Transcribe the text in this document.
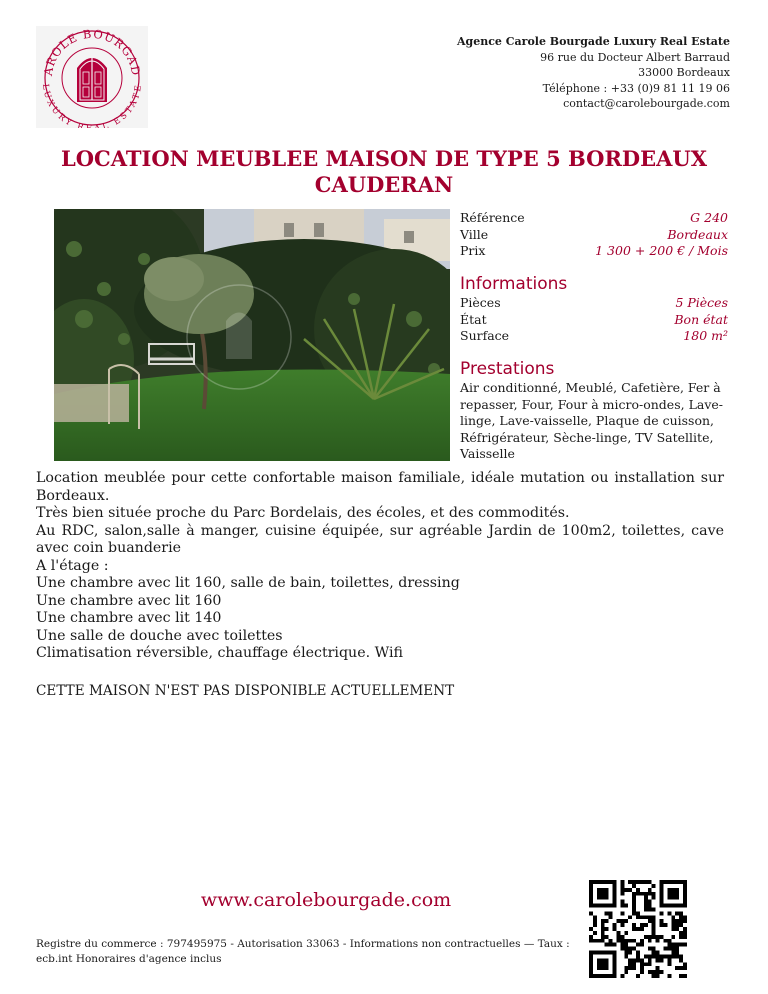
AROLE BOURGAD
LUXURY R L ESTATE
Agence Carole Bourgade Luxury Real Estate
96 rue du Docteur Albert Barraud
33000 Bordeaux
Téléphone : +33 (0)9 81 11 19 06
contact@carolebourgade.com
LOCATION MEUBLEE MAISON DE TYPE 5 BORDEAUX CAUDERAN
Référence	G 240
Ville	Bordeaux
Prix	1 300 + 200 € / Mois
Informations
Pièces	5 Pièces
État	Bon état
Surface	180 m²
Prestations
Air conditionné, Meublé, Cafetière, Fer à repasser, Four, Four à micro-ondes, Lave-linge, Lave-vaisselle, Plaque de cuisson, Réfrigérateur, Sèche-linge, TV Satellite, Vaisselle

Location meublée pour cette confortable maison familiale, idéale mutation ou installation sur Bordeaux.

Très bien située proche du Parc Bordelais, des écoles, et des commodités.

Au RDC, salon,salle à manger, cuisine équipée, sur agréable Jardin de 100m2, toilettes, cave avec coin buanderie

A l'étage :

Une chambre avec lit 160, salle de bain, toilettes, dressing

Une chambre avec lit 160

Une chambre avec lit 140

Une salle de douche avec toilettes

Climatisation réversible, chauffage électrique. Wifi

CETTE MAISON N'EST PAS DISPONIBLE ACTUELLEMENT
www.carolebourgade.com
Registre du commerce : 797495975 - Autorisation 33063 - Informations non contractuelles — Taux : ecb.int Honoraires d'agence inclus
